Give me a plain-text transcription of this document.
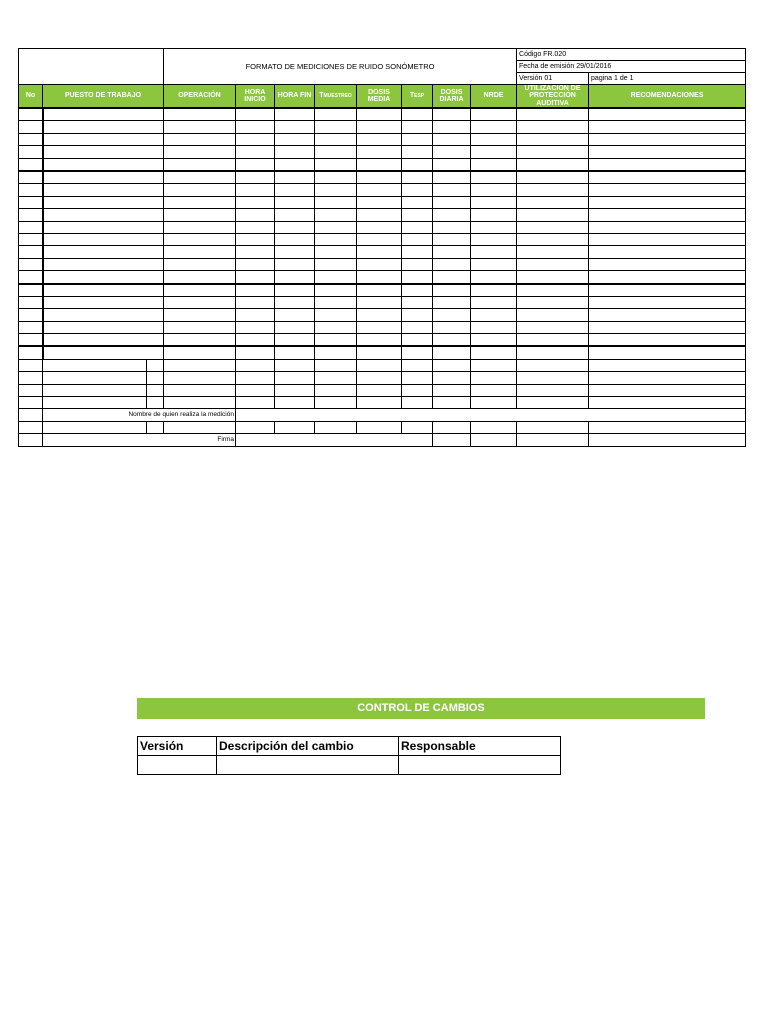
			FORMATO DE MEDICIONES DE RUIDO SONÓMETRO								Código FR.020	
											Fecha de emisión 29/01/2016	
											Versión 01	pagina 1 de 1
No	PUESTO DE TRABAJO		OPERACIÓN	HORA INICIO	HORA FIN	TMUESTREO	DOSIS MEDIA	TESP	DOSIS DIARIA	NRDE	UTILIZACIÓN DE PROTECCIÓN AUDITIVA	RECOMENDACIONES

	Nombre de quien realiza la medición											

	Firma											
CONTROL DE CAMBIOS
Versión	Descripción del cambio	Responsable
